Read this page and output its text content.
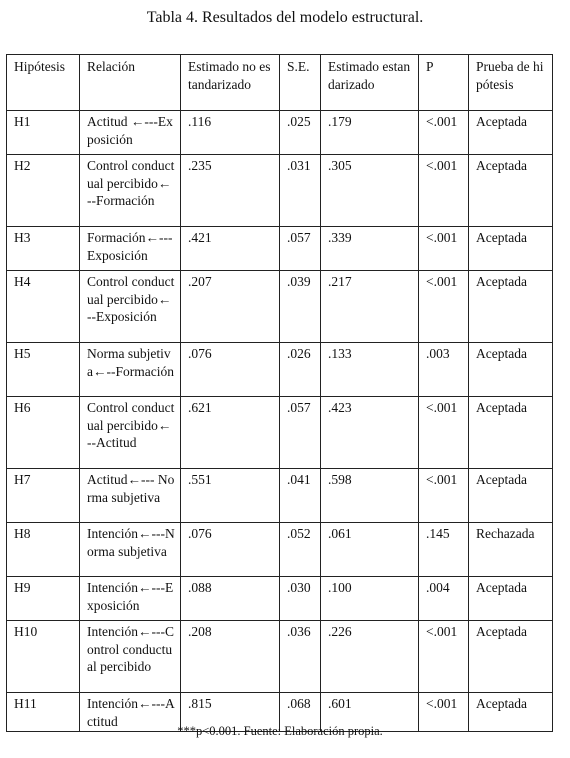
Tabla 4. Resultados del modelo estructural.
Hipótesis	Relación	Estimado no estandarizado	S.E.	Estimado estandarizado	P	Prueba de hipótesis
H1	Actitud ←---Exposición	.116	.025	.179	<.001	Aceptada
H2	Control conductual percibido←--Formación	.235	.031	.305	<.001	Aceptada
H3	Formación←---Exposición	.421	.057	.339	<.001	Aceptada
H4	Control conductual percibido←--Exposición	.207	.039	.217	<.001	Aceptada
H5	Norma subjetiva←--Formación	.076	.026	.133	.003	Aceptada
H6	Control conductual percibido←--Actitud	.621	.057	.423	<.001	Aceptada
H7	Actitud←--- Norma subjetiva	.551	.041	.598	<.001	Aceptada
H8	Intención←---Norma subjetiva	.076	.052	.061	.145	Rechazada
H9	Intención←---Exposición	.088	.030	.100	.004	Aceptada
H10	Intención←---Control conductual percibido	.208	.036	.226	<.001	Aceptada
H11	Intención←---Actitud	.815	.068	.601	<.001	Aceptada
***p<0.001. Fuente: Elaboración propia.
